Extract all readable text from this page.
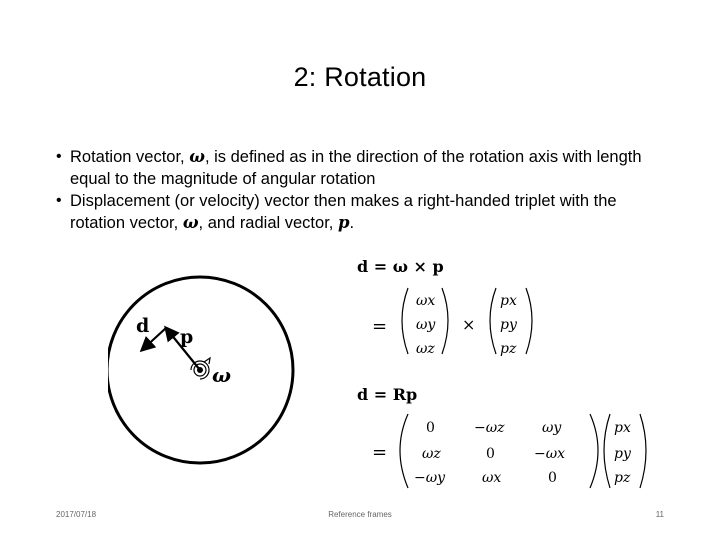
2: Rotation
• Rotation vector, ω, is defined as in the direction of the rotation axis with length equal to the magnitude of angular rotation
• Displacement (or velocity) vector then makes a right-handed triplet with the rotation vector, ω, and radial vector, p.
d p
ω
d = ω × p
=
ωx
ωy
ωz
×
px
py
pz
d = Rp
=
0	−ωz	ωy
ωz	0	−ωx
−ωy	ωx	0
px
py
pz
2017/07/18	Reference frames	11
